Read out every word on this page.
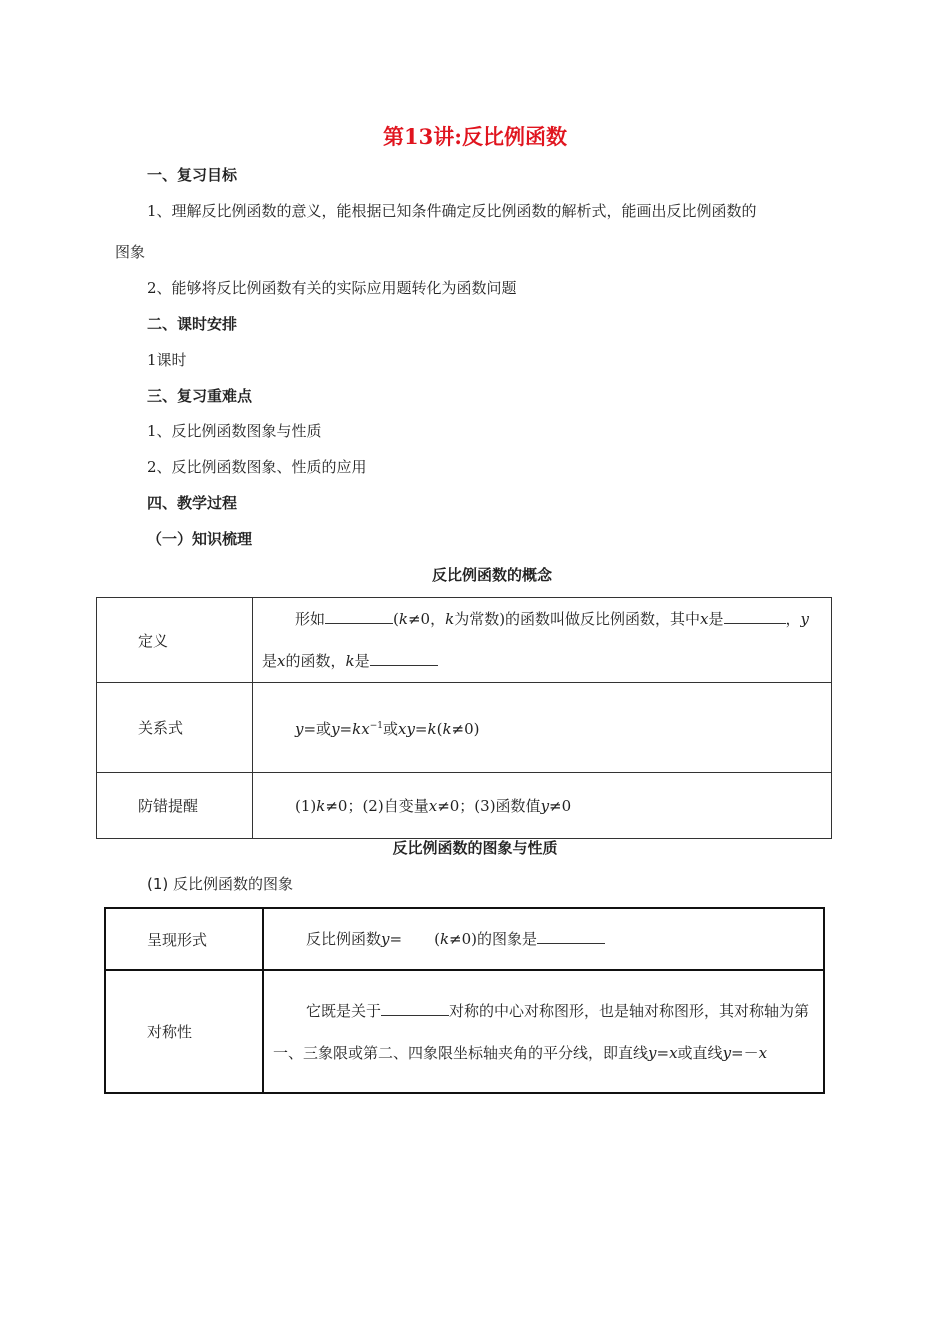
第13讲:反比例函数
一、复习目标
1、理解反比例函数的意义，能根据已知条件确定反比例函数的解析式，能画出反比例函数的
图象
2、能够将反比例函数有关的实际应用题转化为函数问题
二、课时安排
1课时
三、复习重难点
1、反比例函数图象与性质
2、反比例函数图象、性质的应用
四、教学过程
（一）知识梳理
反比例函数的概念
定义	形如 (k≠0，k为常数)的函数叫做反比例函数，其中x是 ，y是x的函数，k是
关系式	y=或$y=kx^{-1}$或xy=k(k≠0)
防错提醒	(1)k≠0；(2)自变量x≠0；(3)函数值y≠0
反比例函数的图象与性质
(1) 反比例函数的图象
呈现形式	反比例函数y= (k≠0)的图象是
对称性	它既是关于 对称的中心对称图形，也是轴对称图形，其对称轴为第一、三象限或第二、四象限坐标轴夹角的平分线，即直线y=x或直线y=－x
